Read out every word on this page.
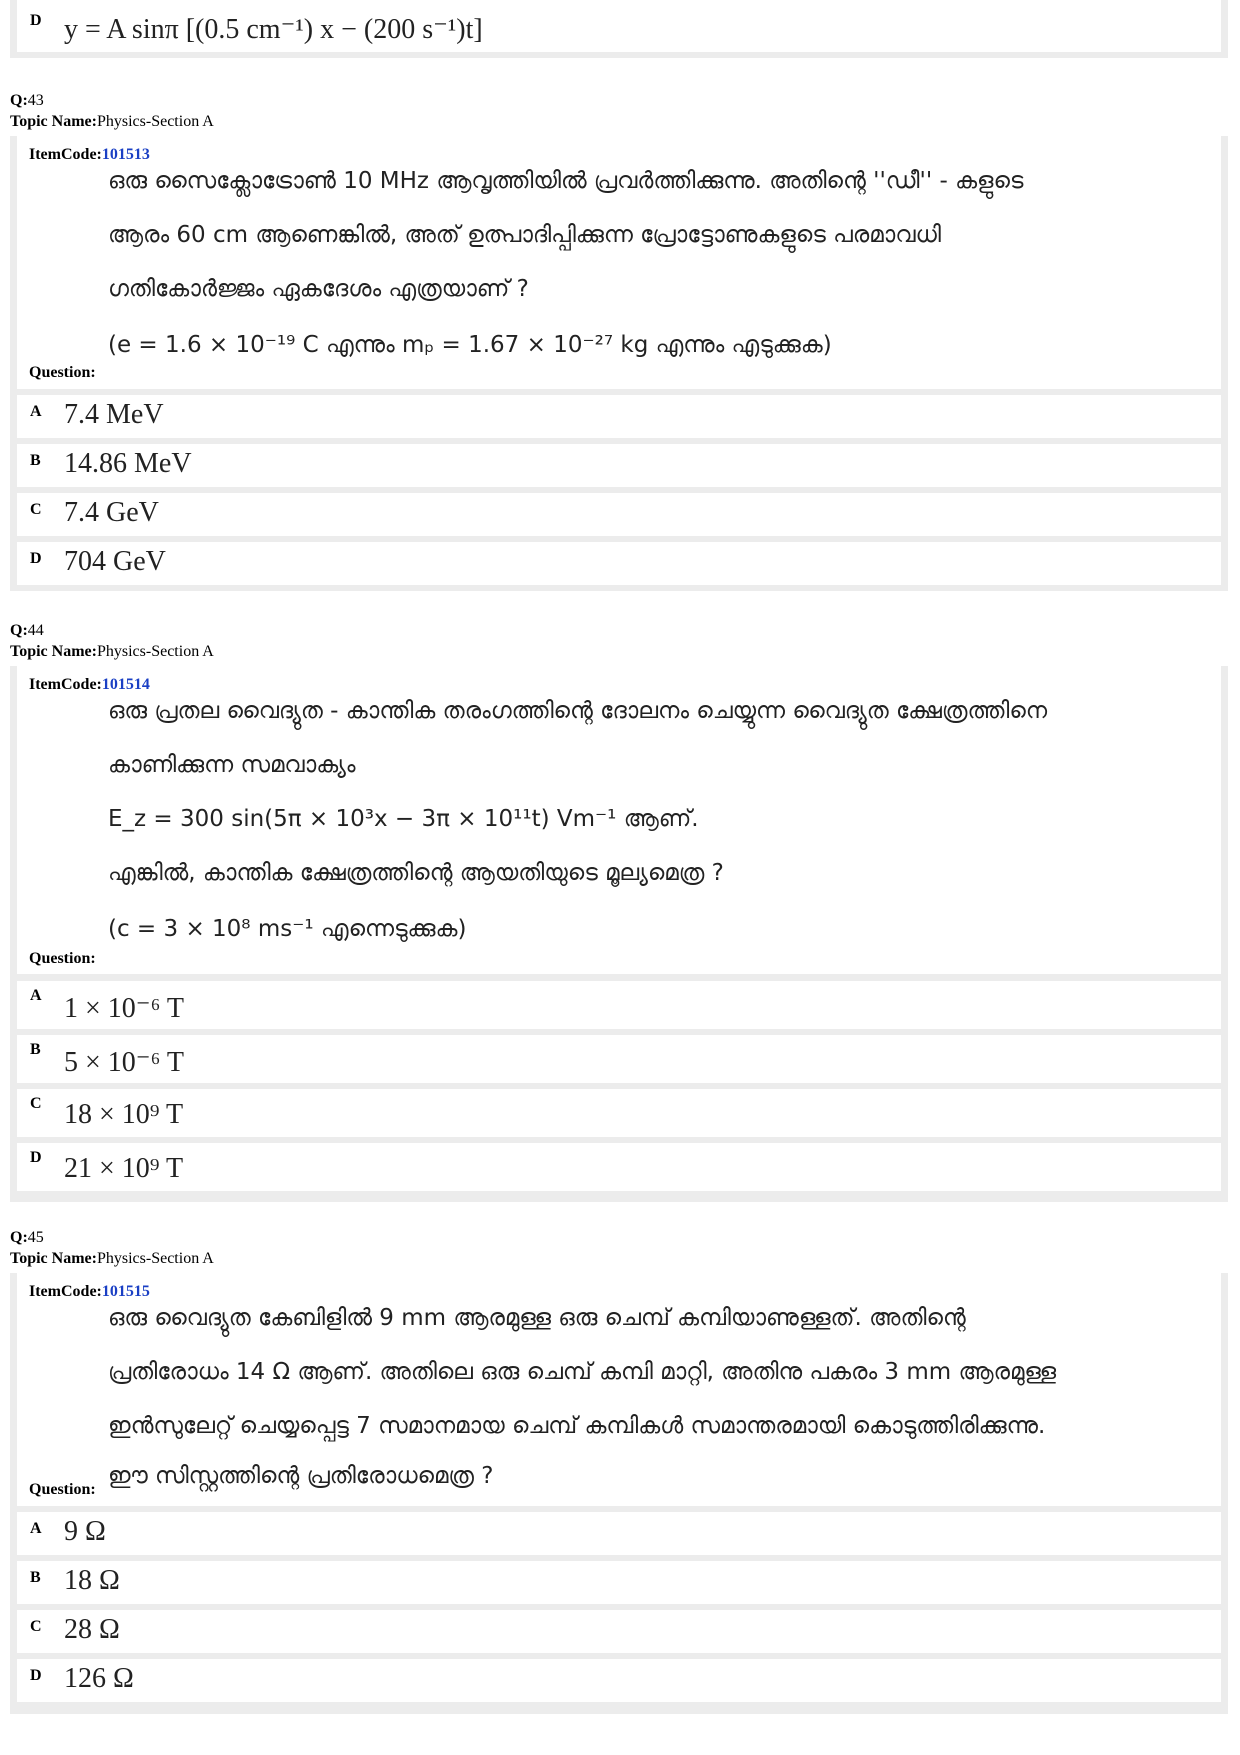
D y = A sinπ [(0.5 cm⁻¹) x − (200 s⁻¹)t]
Q:43
Topic Name:Physics-Section A
ItemCode:101513
ഒരു സൈക്ലോട്രോൺ 10 MHz ആവൃത്തിയിൽ പ്രവർത്തിക്കുന്നു. അതിന്റെ ''ഡീ'' - കളുടെ
ആരം 60 cm ആണെങ്കിൽ, അത് ഉത്പാദിപ്പിക്കുന്ന പ്രോട്ടോണുകളുടെ പരമാവധി
ഗതികോർജ്ജം ഏകദേശം എത്രയാണ് ?
(e = 1.6 × 10⁻¹⁹ C എന്നും mₚ = 1.67 × 10⁻²⁷ kg എന്നും എടുക്കുക)
Question:
A 7.4 MeV
B 14.86 MeV
C 7.4 GeV
D 704 GeV
Q:44
Topic Name:Physics-Section A
ItemCode:101514
ഒരു പ്രതല വൈദ്യുത - കാന്തിക തരംഗത്തിന്റെ ദോലനം ചെയ്യുന്ന വൈദ്യുത ക്ഷേത്രത്തിനെ
കാണിക്കുന്ന സമവാക്യം
E_z = 300 sin(5π × 10³x − 3π × 10¹¹t) Vm⁻¹ ആണ്.
എങ്കിൽ, കാന്തിക ക്ഷേത്രത്തിന്റെ ആയതിയുടെ മൂല്യമെത്ര ?
(c = 3 × 10⁸ ms⁻¹ എന്നെടുക്കുക)
Question:
A 1 × 10⁻⁶ T
B 5 × 10⁻⁶ T
C 18 × 10⁹ T
D 21 × 10⁹ T
Q:45
Topic Name:Physics-Section A
ItemCode:101515
ഒരു വൈദ്യുത കേബിളിൽ 9 mm ആരമുള്ള ഒരു ചെമ്പ് കമ്പിയാണുള്ളത്. അതിന്റെ
പ്രതിരോധം 14 Ω ആണ്. അതിലെ ഒരു ചെമ്പ് കമ്പി മാറ്റി, അതിനു പകരം 3 mm ആരമുള്ള
ഇൻസുലേറ്റ് ചെയ്യപ്പെട്ട 7 സമാനമായ ചെമ്പ് കമ്പികൾ സമാന്തരമായി കൊടുത്തിരിക്കുന്നു.
ഈ സിസ്റ്റത്തിന്റെ പ്രതിരോധമെത്ര ?
Question:
A 9 Ω
B 18 Ω
C 28 Ω
D 126 Ω
